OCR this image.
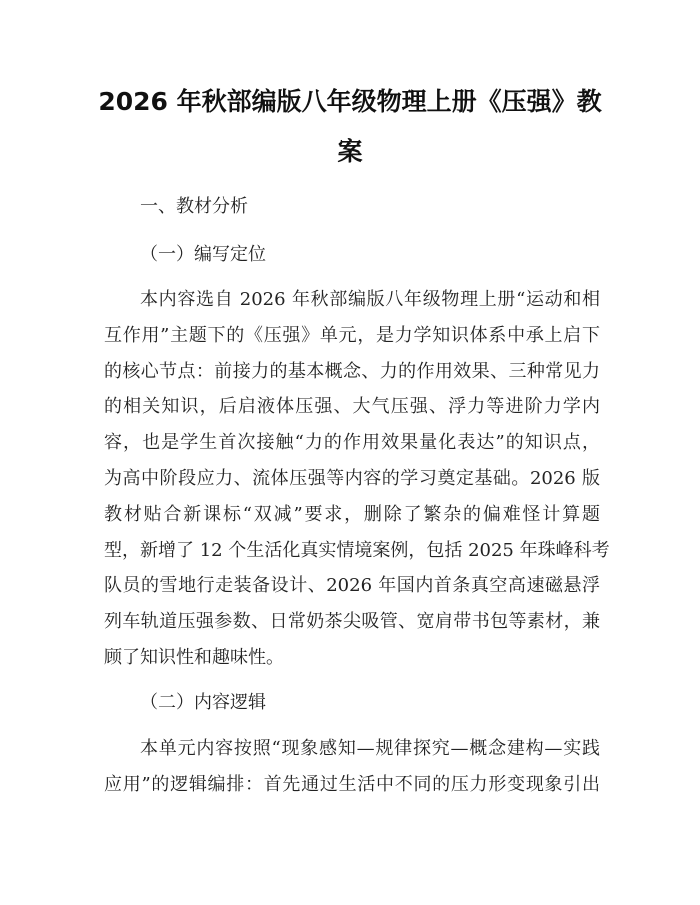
2026 年秋部编版八年级物理上册《压强》教
案

一、教材分析

（一）编写定位

本内容选自 2026 年秋部编版八年级物理上册“运动和相
互作用”主题下的《压强》单元，是力学知识体系中承上启下
的核心节点：前接力的基本概念、力的作用效果、三种常见力
的相关知识，后启液体压强、大气压强、浮力等进阶力学内
容，也是学生首次接触“力的作用效果量化表达”的知识点，
为高中阶段应力、流体压强等内容的学习奠定基础。2026 版
教材贴合新课标“双减”要求，删除了繁杂的偏难怪计算题
型，新增了 12 个生活化真实情境案例，包括 2025 年珠峰科考
队员的雪地行走装备设计、2026 年国内首条真空高速磁悬浮
列车轨道压强参数、日常奶茶尖吸管、宽肩带书包等素材，兼
顾了知识性和趣味性。

（二）内容逻辑

本单元内容按照“现象感知—规律探究—概念建构—实践
应用”的逻辑编排：首先通过生活中不同的压力形变现象引出
